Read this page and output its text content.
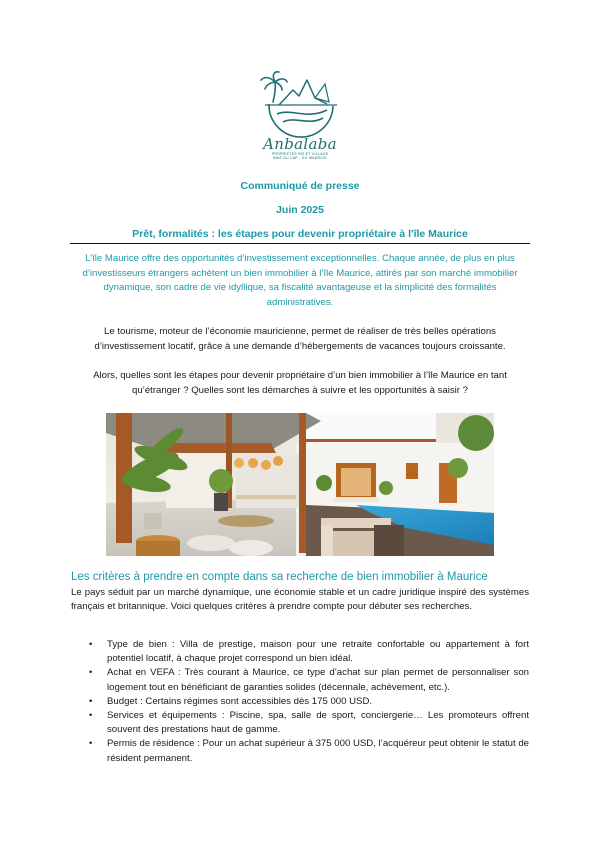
Anbalaba
PROPRIÉTÉS IRS ET VILLAGE
BAIE DU CAP - ÎLE MAURICE
Communiqué de presse
Juin 2025
Prêt, formalités : les étapes pour devenir propriétaire à l'île Maurice
L’île Maurice offre des opportunités d’investissement exceptionnelles. Chaque année, de plus en plus d’investisseurs étrangers achètent un bien immobilier à l’île Maurice, attirés par son marché immobilier dynamique, son cadre de vie idyllique, sa fiscalité avantageuse et la simplicité des formalités administratives.
Le tourisme, moteur de l’économie mauricienne, permet de réaliser de très belles opérations d’investissement locatif, grâce à une demande d’hébergements de vacances toujours croissante.
Alors, quelles sont les étapes pour devenir propriétaire d’un bien immobilier à l’île Maurice en tant qu’étranger ? Quelles sont les démarches à suivre et les opportunités à saisir ?
Les critères à prendre en compte dans sa recherche de bien immobilier à Maurice
Le pays séduit par un marché dynamique, une économie stable et un cadre juridique inspiré des systèmes français et britannique. Voici quelques critères à prendre compte pour débuter ses recherches.
• Type de bien : Villa de prestige, maison pour une retraite confortable ou appartement à fort potentiel locatif, à chaque projet correspond un bien idéal.
• Achat en VEFA : Très courant à Maurice, ce type d’achat sur plan permet de personnaliser son logement tout en bénéficiant de garanties solides (décennale, achèvement, etc.).
• Budget : Certains régimes sont accessibles dès 175 000 USD.
• Services et équipements : Piscine, spa, salle de sport, conciergerie… Les promoteurs offrent souvent des prestations haut de gamme.
• Permis de résidence : Pour un achat supérieur à 375 000 USD, l’acquéreur peut obtenir le statut de résident permanent.
